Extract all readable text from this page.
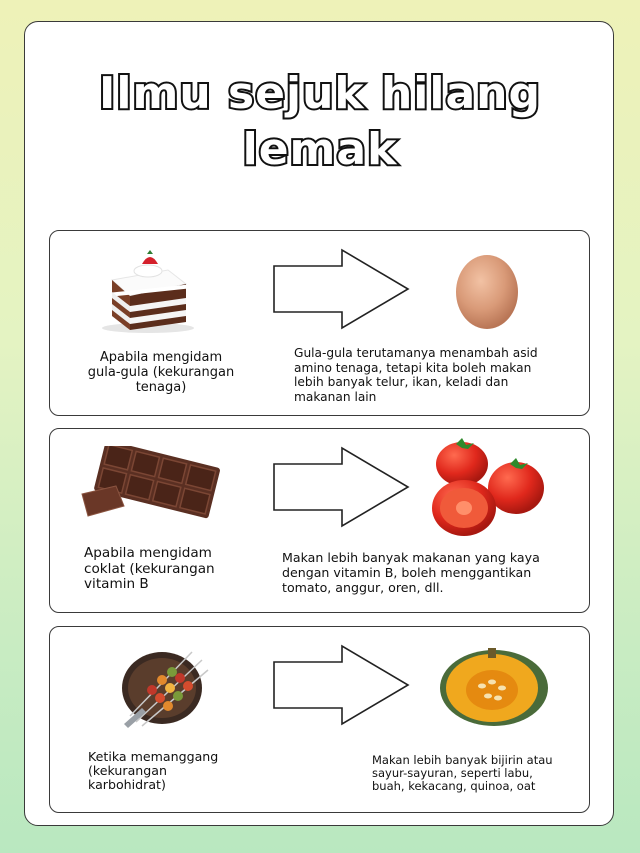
Ilmu sejuk hilang
lemak
Apabila mengidam
gula-gula (kekurangan
tenaga)
Gula-gula terutamanya menambah asid
amino tenaga, tetapi kita boleh makan
lebih banyak telur, ikan, keladi dan
makanan lain
Apabila mengidam
coklat (kekurangan
vitamin B
Makan lebih banyak makanan yang kaya
dengan vitamin B, boleh menggantikan
tomato, anggur, oren, dll.
Ketika memanggang
(kekurangan
karbohidrat)
Makan lebih banyak bijirin atau
sayur-sayuran, seperti labu,
buah, kekacang, quinoa, oat
